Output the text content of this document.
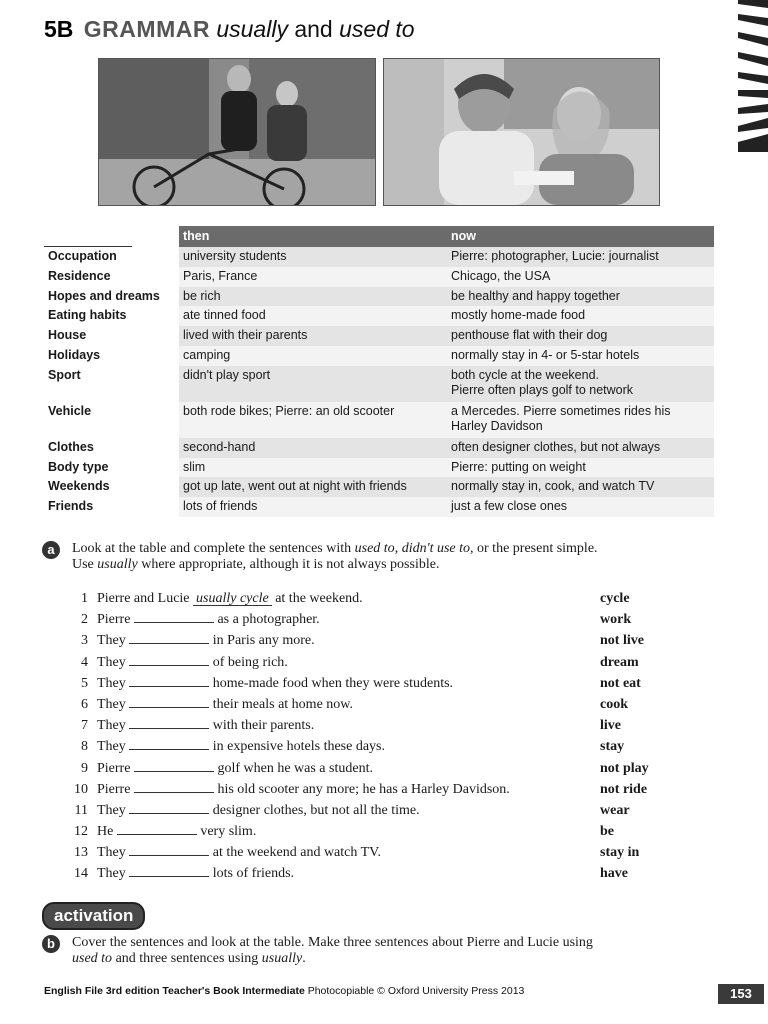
5B GRAMMAR usually and used to
then	now
Occupation	university students	Pierre: photographer, Lucie: journalist
Residence	Paris, France	Chicago, the USA
Hopes and dreams	be rich	be healthy and happy together
Eating habits	ate tinned food	mostly home-made food
House	lived with their parents	penthouse flat with their dog
Holidays	camping	normally stay in 4- or 5-star hotels
Sport	didn't play sport	both cycle at the weekend.
Pierre often plays golf to network
Vehicle	both rode bikes; Pierre: an old scooter	a Mercedes. Pierre sometimes rides his
Harley Davidson
Clothes	second-hand	often designer clothes, but not always
Body type	slim	Pierre: putting on weight
Weekends	got up late, went out at night with friends	normally stay in, cook, and watch TV
Friends	lots of friends	just a few close ones
a	Look at the table and complete the sentences with used to, didn't use to, or the present simple.
Use usually where appropriate, although it is not always possible.
1 Pierre and Lucie usually cycle at the weekend.	cycle
2 Pierre	as a photographer.	work
3 They	in Paris any more.	not live
4 They	of being rich.	dream
5 They	home-made food when they were students.	not eat
6 They	their meals at home now.	cook
7 They	with their parents.	live
8 They	in expensive hotels these days.	stay
9 Pierre	golf when he was a student.	not play
10 Pierre	his old scooter any more; he has a Harley Davidson.	not ride
11 They	designer clothes, but not all the time.	wear
12 He	very slim.	be
13 They	at the weekend and watch TV.	stay in
14 They	lots of friends.	have
activation
b	Cover the sentences and look at the table. Make three sentences about Pierre and Lucie using
used to and three sentences using usually.
English File 3rd edition Teacher's Book Intermediate Photocopiable © Oxford University Press 2013	153
